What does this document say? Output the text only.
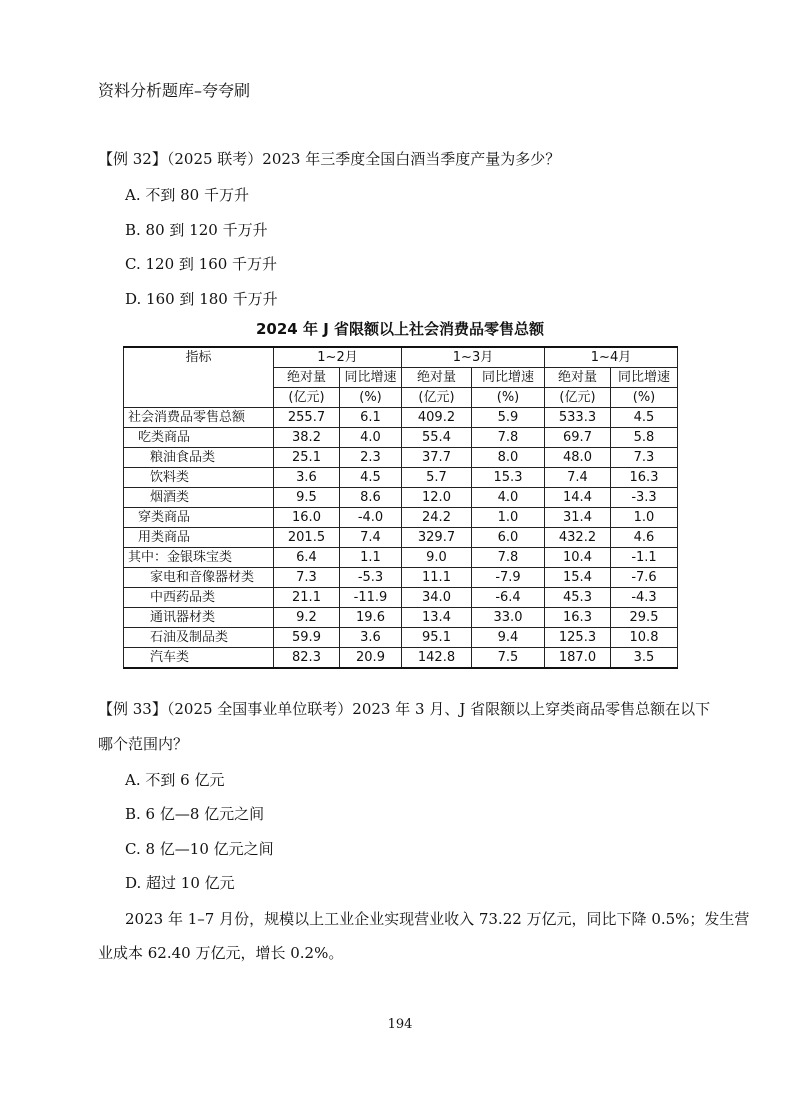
资料分析题库–夸夸刷
【例 32】（2025 联考）2023 年三季度全国白酒当季度产量为多少？
A. 不到 80 千万升
B. 80 到 120 千万升
C. 120 到 160 千万升
D. 160 到 180 千万升
2024 年 J 省限额以上社会消费品零售总额
指标	1~2月		1~3月		1~4月	
	绝对量	同比增速	绝对量	同比增速	绝对量	同比增速
	(亿元)	(%)	(亿元)	(%)	(亿元)	(%)
社会消费品零售总额	255.7	6.1	409.2	5.9	533.3	4.5
吃类商品	38.2	4.0	55.4	7.8	69.7	5.8
粮油食品类	25.1	2.3	37.7	8.0	48.0	7.3
饮料类	3.6	4.5	5.7	15.3	7.4	16.3
烟酒类	9.5	8.6	12.0	4.0	14.4	-3.3
穿类商品	16.0	-4.0	24.2	1.0	31.4	1.0
用类商品	201.5	7.4	329.7	6.0	432.2	4.6
其中：金银珠宝类	6.4	1.1	9.0	7.8	10.4	-1.1
家电和音像器材类	7.3	-5.3	11.1	-7.9	15.4	-7.6
中西药品类	21.1	-11.9	34.0	-6.4	45.3	-4.3
通讯器材类	9.2	19.6	13.4	33.0	16.3	29.5
石油及制品类	59.9	3.6	95.1	9.4	125.3	10.8
汽车类	82.3	20.9	142.8	7.5	187.0	3.5
【例 33】（2025 全国事业单位联考）2023 年 3 月、J 省限额以上穿类商品零售总额在以下
哪个范围内？
A. 不到 6 亿元
B. 6 亿—8 亿元之间
C. 8 亿—10 亿元之间
D. 超过 10 亿元
2023 年 1–7 月份，规模以上工业企业实现营业收入 73.22 万亿元，同比下降 0.5%；发生营
业成本 62.40 万亿元，增长 0.2%。
194
